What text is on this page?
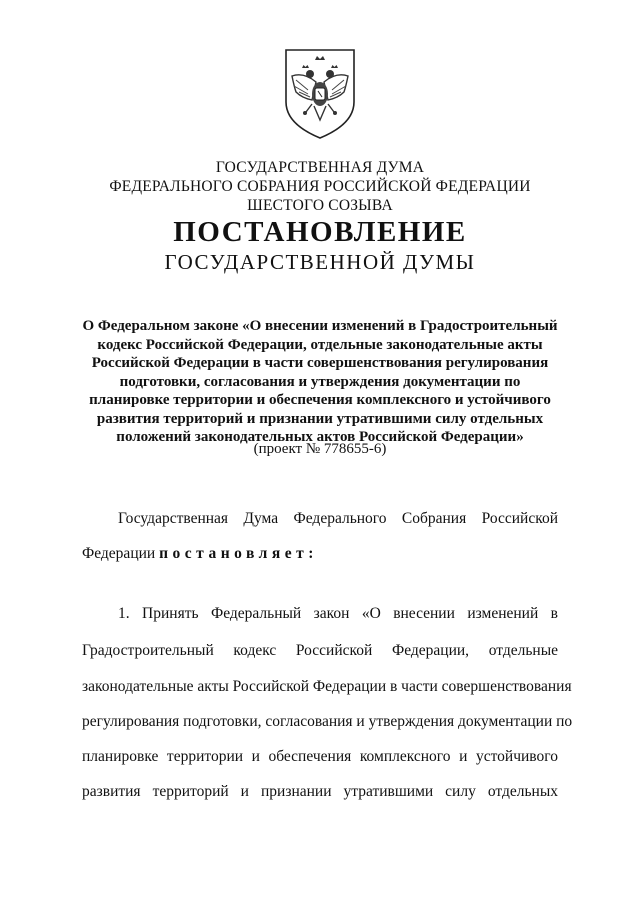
ГОСУДАРСТВЕННАЯ ДУМА
ФЕДЕРАЛЬНОГО СОБРАНИЯ РОССИЙСКОЙ ФЕДЕРАЦИИ
ШЕСТОГО СОЗЫВА
ПОСТАНОВЛЕНИЕ
ГОСУДАРСТВЕННОЙ ДУМЫ
О Федеральном законе «О внесении изменений в Градостроительный
кодекс Российской Федерации, отдельные законодательные акты
Российской Федерации в части совершенствования регулирования
подготовки, согласования и утверждения документации по
планировке территории и обеспечения комплексного и устойчивого
развития территорий и признании утратившими силу отдельных
положений законодательных актов Российской Федерации»
(проект № 778655-6)
Государственная Дума Федерального Собрания Российской
Федерации постановляет:
1. Принять Федеральный закон «О внесении изменений в
Градостроительный кодекс Российской Федерации, отдельные
законодательные акты Российской Федерации в части совершенствования
регулирования подготовки, согласования и утверждения документации по
планировке территории и обеспечения комплексного и устойчивого
развития территорий и признании утратившими силу отдельных
